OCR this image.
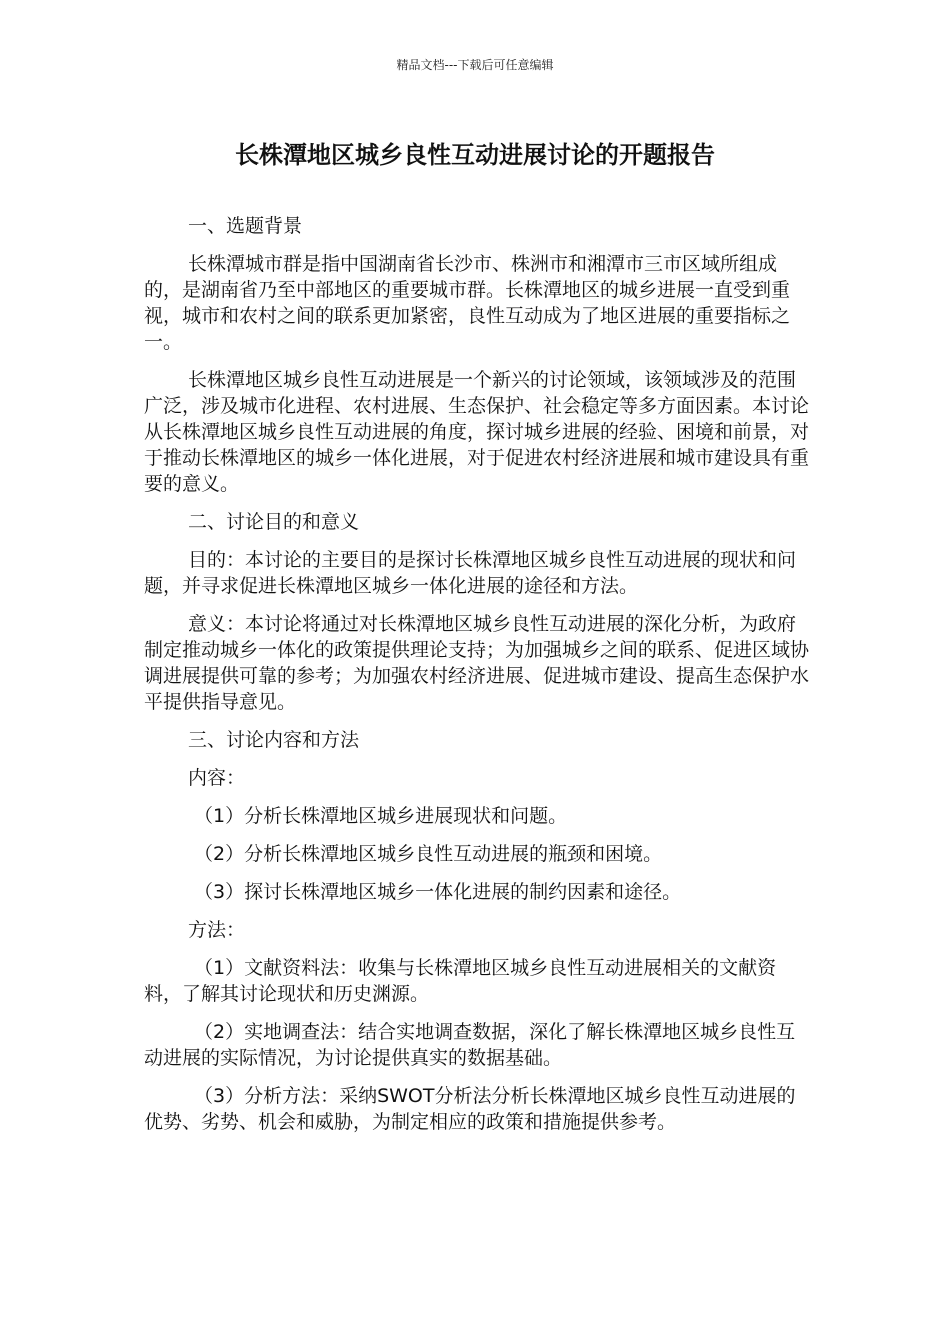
精品文档---下载后可任意编辑
长株潭地区城乡良性互动进展讨论的开题报告

一、选题背景

长株潭城市群是指中国湖南省长沙市、株洲市和湘潭市三市区域所组成的，是湖南省乃至中部地区的重要城市群。长株潭地区的城乡进展一直受到重视，城市和农村之间的联系更加紧密，良性互动成为了地区进展的重要指标之一。

长株潭地区城乡良性互动进展是一个新兴的讨论领域，该领域涉及的范围广泛，涉及城市化进程、农村进展、生态保护、社会稳定等多方面因素。本讨论从长株潭地区城乡良性互动进展的角度，探讨城乡进展的经验、困境和前景，对于推动长株潭地区的城乡一体化进展，对于促进农村经济进展和城市建设具有重要的意义。

二、讨论目的和意义

目的：本讨论的主要目的是探讨长株潭地区城乡良性互动进展的现状和问题，并寻求促进长株潭地区城乡一体化进展的途径和方法。

意义：本讨论将通过对长株潭地区城乡良性互动进展的深化分析，为政府制定推动城乡一体化的政策提供理论支持；为加强城乡之间的联系、促进区域协调进展提供可靠的参考；为加强农村经济进展、促进城市建设、提高生态保护水平提供指导意见。

三、讨论内容和方法

内容：

（1）分析长株潭地区城乡进展现状和问题。

（2）分析长株潭地区城乡良性互动进展的瓶颈和困境。

（3）探讨长株潭地区城乡一体化进展的制约因素和途径。

方法：

（1）文献资料法：收集与长株潭地区城乡良性互动进展相关的文献资料，了解其讨论现状和历史渊源。

（2）实地调查法：结合实地调查数据，深化了解长株潭地区城乡良性互动进展的实际情况，为讨论提供真实的数据基础。

（3）分析方法：采纳SWOT分析法分析长株潭地区城乡良性互动进展的优势、劣势、机会和威胁，为制定相应的政策和措施提供参考。
